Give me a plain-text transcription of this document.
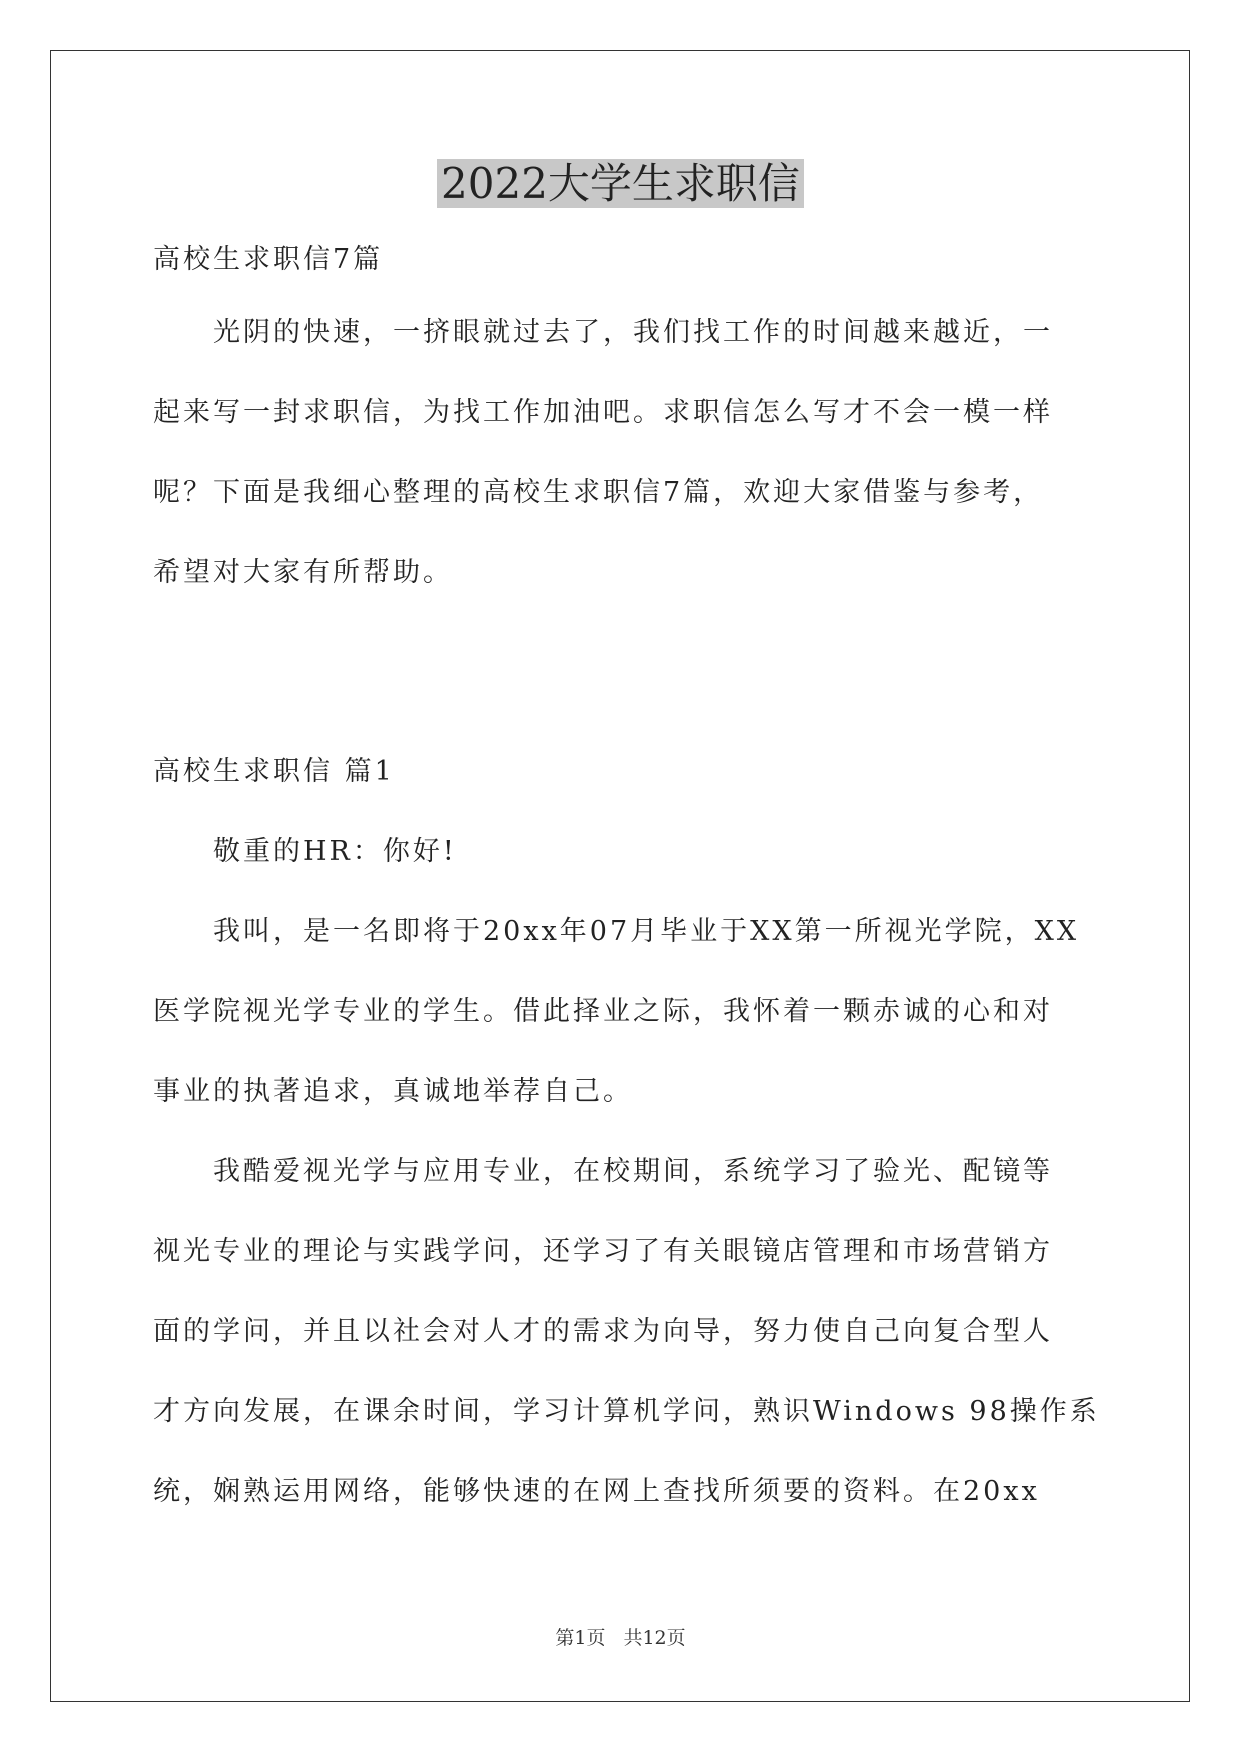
2022大学生求职信

高校生求职信7篇

光阴的快速，一挤眼就过去了，我们找工作的时间越来越近，一
起来写一封求职信，为找工作加油吧。求职信怎么写才不会一模一样
呢？下面是我细心整理的高校生求职信7篇，欢迎大家借鉴与参考，
希望对大家有所帮助。

高校生求职信 篇1

敬重的HR：你好!

我叫，是一名即将于20xx年07月毕业于XX第一所视光学院，XX
医学院视光学专业的学生。借此择业之际，我怀着一颗赤诚的心和对
事业的执著追求，真诚地举荐自己。
我酷爱视光学与应用专业，在校期间，系统学习了验光、配镜等
视光专业的理论与实践学问，还学习了有关眼镜店管理和市场营销方
面的学问，并且以社会对人才的需求为向导，努力使自己向复合型人
才方向发展，在课余时间，学习计算机学问，熟识Windows 98操作系
统，娴熟运用网络，能够快速的在网上查找所须要的资料。在20xx
第1页 共12页
